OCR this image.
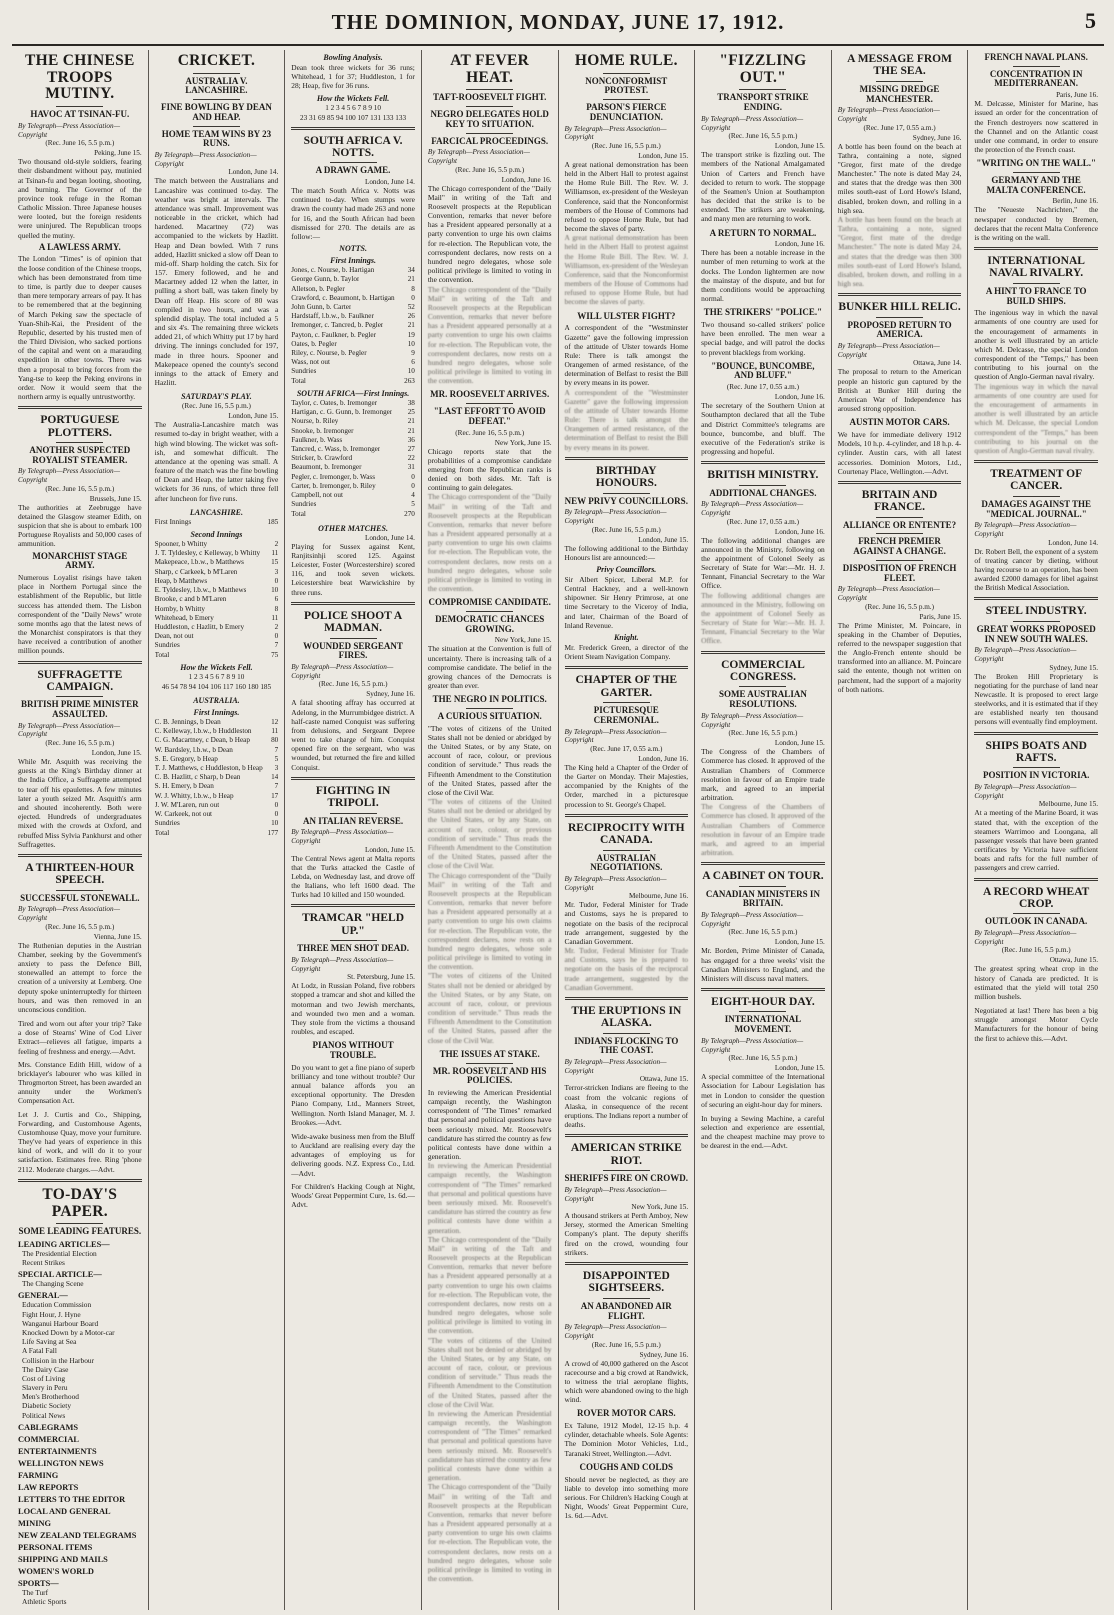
THE DOMINION, MONDAY, JUNE 17, 1912.	5
THE CHINESE TROOPS MUTINY.
HAVOC AT TSINAN-FU.
By Telegraph—Press Association—Copyright
(Rec. June 16, 5.5 p.m.)
Peking, June 15.

Two thousand old-style soldiers, fearing their disbandment without pay, mutinied at Tsinan-fu and began looting, shooting, and burning. The Governor of the province took refuge in the Roman Catholic Mission. Three Japanese houses were looted, but the foreign residents were uninjured. The Republican troops quelled the mutiny.

A LAWLESS ARMY.

The London "Times" is of opinion that the Ioose condition of the Chinese troops, which has been demonstrated from time to time, is partly due to deeper causes than mere temporary arrears of pay. It has to be remembered that at the beginning of March Peking saw the spectacle of Yuan-Shih-Kai, the President of the Republic, deserted by his trusted men of the Third Division, who sacked portions of the capital and went on a marauding expedition in other towns. There was then a proposal to bring forces from the Yang-tse to keep the Peking environs in order. Now it would seem that the northern army is equally untrustworthy.

PORTUGUESE PLOTTERS.
ANOTHER SUSPECTED ROYALIST STEAMER.
By Telegraph—Press Association—Copyright
(Rec. June 16, 5.5 p.m.)
Brussels, June 15.

The authorities at Zeebrugge have detained the Glasgow steamer Edith, on suspicion that she is about to embark 100 Portuguese Royalists and 50,000 cases of ammunition.

MONARCHIST STAGE ARMY.

Numerous Loyalist risings have taken place in Northern Portugal since the establishment of the Republic, but little success has attended them. The Lisbon correspondent of the "Daily News" wrote some months ago that the latest news of the Monarchist conspirators is that they have received a contribution of another million pounds.

SUFFRAGETTE CAMPAIGN.
BRITISH PRIME MINISTER ASSAULTED.
By Telegraph—Press Association—Copyright
(Rec. June 16, 5.5 p.m.)
London, June 15.

While Mr. Asquith was receiving the guests at the King's Birthday dinner at the India Office, a Suffragette attempted to tear off his epaulettes. A few minutes later a youth seized Mr. Asquith's arm and shouted incoherently. Both were ejected. Hundreds of undergraduates mixed with the crowds at Oxford, and rebuffed Miss Sylvia Pankhurst and other Suffragettes.

A THIRTEEN-HOUR SPEECH.
SUCCESSFUL STONEWALL.
By Telegraph—Press Association—Copyright
(Rec. June 16, 5.5 p.m.)
Vienna, June 15.

The Ruthenian deputies in the Austrian Chamber, seeking by the Government's anxiety to pass the Defence Bill, stonewalled an attempt to force the creation of a university at Lemberg. One deputy spoke uninterruptedly for thirteen hours, and was then removed in an unconscious condition.

Tired and worn out after your trip? Take a dose of Stearns' Wine of Cod Liver Extract—relieves all fatigue, imparts a feeling of freshness and energy.—Advt.

Mrs. Constance Edith Hill, widow of a bricklayer's labourer who was killed in Throgmorton Street, has been awarded an annuity under the Workmen's Compensation Act.

Let J. J. Curtis and Co., Shipping, Forwarding, and Customhouse Agents, Customhouse Quay, move your furniture. They've had years of experience in this kind of work, and will do it to your satisfaction. Estimates free. Ring 'phone 2112. Moderate charges.—Advt.

TO-DAY'S PAPER.
SOME LEADING FEATURES.
LEADING ARTICLES—
The Presidential Election
Recent Strikes
SPECIAL ARTICLE—
The Changing Scene
GENERAL—
Education Commission
Fight Hour, J. Hyne
Wanganui Harbour Board
Knocked Down by a Motor-car
Life Saving at Sea
A Fatal Fall
Collision in the Harbour
The Dairy Case
Cost of Living
Slavery in Peru
Men's Brotherhood
Diabetic Society
Political News
CABLEGRAMS
COMMERCIAL
ENTERTAINMENTS
WELLINGTON NEWS
FARMING
LAW REPORTS
LETTERS TO THE EDITOR
LOCAL AND GENERAL
MINING
NEW ZEALAND TELEGRAMS
PERSONAL ITEMS
SHIPPING AND MAILS
WOMEN'S WORLD
SPORTS—
The Turf
Athletic Sports
CRICKET.
AUSTRALIA V. LANCASHIRE.
FINE BOWLING BY DEAN AND HEAP.
HOME TEAM WINS BY 23 RUNS.
By Telegraph—Press Association—Copyright
London, June 14.

The match between the Australians and Lancashire was continued to-day. The weather was bright at intervals. The attendance was small. Improvement was noticeable in the cricket, which had hardened. Macartney (72) was accompanied to the wickets by Hazlitt. Heap and Dean bowled. With 7 runs added, Hazlitt snicked a slow off Dean to mid-off. Sharp holding the catch. Six for 157. Emery followed, and he and Macartney added 12 when the latter, in pulling a short ball, was taken finely by Dean off Heap. His score of 80 was compiled in two hours, and was a splendid display. The total included a 5 and six 4's. The remaining three wickets added 21, of which Whitty put 17 by hard driving. The innings concluded for 197, made in three hours. Spooner and Makepeace opened the county's second innings to the attack of Emery and Hazlitt.

SATURDAY'S PLAY.
(Rec. June 16, 5.5 p.m.)
London, June 15.

The Australia-Lancashire match was resumed to-day in bright weather, with a high wind blowing. The wicket was soft-ish, and somewhat difficult. The attendance at the opening was small. A feature of the match was the fine bowling of Dean and Heap, the latter taking five wickets for 36 runs, of which three fell after luncheon for five runs.

LANCASHIRE.
First Innings	185
Second Innings
Spooner, b Whitty	2
J. T. Tyldesley, c Kelleway, b Whitty	11
Makepeace, l.b.w., b Matthews	15
Sharp, c Carkeek, b M'Laren	3
Heap, b Matthews	0
E. Tyldesley, l.b.w., b Matthews	10
Brooke, c and b M'Laren	6
Hornby, b Whitty	8
Whitehead, b Emery	11
Huddleston, c Hazlitt, b Emery	2
Dean, not out	0
Sundries	7
Total	75
How the Wickets Fell.
1 2 3 4 5 6 7 8 9 10
46 54 78 94 104 106 117 160 180 185
AUSTRALIA.
First Innings.
C. B. Jennings, b Dean	12
C. Kelleway, l.b.w., b Huddleston	11
C. G. Macartney, c Dean, b Heap	80
W. Bardsley, l.b.w., b Dean	7
S. E. Gregory, b Heap	5
T. J. Matthews, c Huddleston, b Heap	3
C. B. Hazlitt, c Sharp, b Dean	14
S. H. Emery, b Dean	7
W. J. Whitty, l.b.w., b Heap	17
J. W. M'Laren, run out	0
W. Carkeek, not out	0
Sundries	10
Total	177
Bowling Analysis.

Dean took three wickets for 36 runs; Whitehead, 1 for 37; Huddleston, 1 for 28; Heap, five for 36 runs.

How the Wickets Fell.
1 2 3 4 5 6 7 8 9 10
23 31 69 85 94 100 107 131 133 133
SOUTH AFRICA V. NOTTS.
A DRAWN GAME.
London, June 14.

The match South Africa v. Notts was continued to-day. When stumps were drawn the county had made 263 and none for 16, and the South African had been dismissed for 270. The details are as follow:—

NOTTS.
First Innings.
Jones, c. Nourse, b. Hartigan	34
George Gunn, b. Taylor	21
Alletson, b. Pegler	8
Crawford, c. Beaumont, b. Hartigan	0
John Gunn, b. Carter	52
Hardstaff, l.b.w., b. Faulkner	26
Iremonger, c. Tancred, b. Pegler	21
Payton, c. Faulkner, b. Pegler	19
Oates, b. Pegler	10
Riley, c. Nourse, b. Pegler	9
Wass, not out	6
Sundries	10
Total	263
SOUTH AFRICA—First Innings.
Taylor, c. Oates, b. Iremonger	38
Hartigan, c. G. Gunn, b. Iremonger	25
Nourse, b. Riley	21
Snooke, b. Iremonger	21
Faulkner, b. Wass	36
Tancred, c. Wass, b. Iremonger	27
Stricker, b. Crawford	22
Beaumont, b. Iremonger	31
Pegler, c. Iremonger, b. Wass	0
Carter, b. Iremonger, b. Riley	0
Campbell, not out	4
Sundries	5
Total	270
OTHER MATCHES.
London, June 14.

Playing for Sussex against Kent, Ranjitsinhji scored 125. Against Leicester, Foster (Worcestershire) scored 116, and took seven wickets. Leicestershire beat Warwickshire by three runs.

POLICE SHOOT A MADMAN.
WOUNDED SERGEANT FIRES.
By Telegraph—Press Association—Copyright
(Rec. June 16, 5.5 p.m.)
Sydney, June 16.

A fatal shooting affray has occurred at Adelong, in the Murrumbidgee district. A half-caste named Conquist was suffering from delusions, and Sergeant Depree went to take charge of him. Conquist opened fire on the sergeant, who was wounded, but returned the fire and killed Conquist.

FIGHTING IN TRIPOLI.
AN ITALIAN REVERSE.
By Telegraph—Press Association—Copyright
London, June 15.

The Central News agent at Malta reports that the Turks attacked the Castle of Lebda, on Wednesday last, and drove off the Italians, who left 1600 dead. The Turks had 10 killed and 150 wounded.

TRAMCAR "HELD UP."
THREE MEN SHOT DEAD.
By Telegraph—Press Association—Copyright
St. Petersburg, June 15.

At Lodz, in Russian Poland, five robbers stopped a tramcar and shot and killed the motorman and two Jewish merchants, and wounded two men and a woman. They stole from the victims a thousand roubles, and escaped.

PIANOS WITHOUT TROUBLE.

Do you want to get a fine piano of superb brilliancy and tone without trouble? Our annual balance affords you an exceptional opportunity. The Dresden Piano Company, Ltd., Manners Street, Wellington. North Island Manager, M. J. Brookes.—Advt.

Wide-awake business men from the Bluff to Auckland are realising every day the advantages of employing us for delivering goods. N.Z. Express Co., Ltd.—Advt.

For Children's Hacking Cough at Night, Woods' Great Peppermint Cure, 1s. 6d.—Advt.

AT FEVER HEAT.
TAFT-ROOSEVELT FIGHT.
NEGRO DELEGATES HOLD KEY TO SITUATION.
FARCICAL PROCEEDINGS.
By Telegraph—Press Association—Copyright
(Rec. June 16, 5.5 p.m.)
London, June 16.

The Chicago correspondent of the "Daily Mail" in writing of the Taft and Roosevelt prospects at the Republican Convention, remarks that never before has a President appeared personally at a party convention to urge his own claims for re-election. The Republican vote, the correspondent declares, now rests on a hundred negro delegates, whose sole political privilege is limited to voting in the convention.

The Chicago correspondent of the "Daily Mail" in writing of the Taft and Roosevelt prospects at the Republican Convention, remarks that never before has a President appeared personally at a party convention to urge his own claims for re-election. The Republican vote, the correspondent declares, now rests on a hundred negro delegates, whose sole political privilege is limited to voting in the convention.

MR. ROOSEVELT ARRIVES.
"LAST EFFORT TO AVOID DEFEAT."
(Rec. June 16, 5.5 p.m.)
New York, June 15.

Chicago reports state that the probabilities of a compromise candidate emerging from the Republican ranks is denied on both sides. Mr. Taft is continuing to gain delegates.

The Chicago correspondent of the "Daily Mail" in writing of the Taft and Roosevelt prospects at the Republican Convention, remarks that never before has a President appeared personally at a party convention to urge his own claims for re-election. The Republican vote, the correspondent declares, now rests on a hundred negro delegates, whose sole political privilege is limited to voting in the convention.

COMPROMISE CANDIDATE.
DEMOCRATIC CHANCES GROWING.
New York, June 15.

The situation at the Convention is full of uncertainty. There is increasing talk of a compromise candidate. The belief in the growing chances of the Democrats is greater than ever.

THE NEGRO IN POLITICS.
A CURIOUS SITUATION.

"The votes of citizens of the United States shall not be denied or abridged by the United States, or by any State, on account of race, colour, or previous condition of servitude." Thus reads the Fifteenth Amendment to the Constitution of the United States, passed after the close of the Civil War.

"The votes of citizens of the United States shall not be denied or abridged by the United States, or by any State, on account of race, colour, or previous condition of servitude." Thus reads the Fifteenth Amendment to the Constitution of the United States, passed after the close of the Civil War.

The Chicago correspondent of the "Daily Mail" in writing of the Taft and Roosevelt prospects at the Republican Convention, remarks that never before has a President appeared personally at a party convention to urge his own claims for re-election. The Republican vote, the correspondent declares, now rests on a hundred negro delegates, whose sole political privilege is limited to voting in the convention.

"The votes of citizens of the United States shall not be denied or abridged by the United States, or by any State, on account of race, colour, or previous condition of servitude." Thus reads the Fifteenth Amendment to the Constitution of the United States, passed after the close of the Civil War.

THE ISSUES AT STAKE.
MR. ROOSEVELT AND HIS POLICIES.

In reviewing the American Presidential campaign recently, the Washington correspondent of "The Times" remarked that personal and political questions have been seriously mixed. Mr. Roosevelt's candidature has stirred the country as few political contests have done within a generation.

In reviewing the American Presidential campaign recently, the Washington correspondent of "The Times" remarked that personal and political questions have been seriously mixed. Mr. Roosevelt's candidature has stirred the country as few political contests have done within a generation.

The Chicago correspondent of the "Daily Mail" in writing of the Taft and Roosevelt prospects at the Republican Convention, remarks that never before has a President appeared personally at a party convention to urge his own claims for re-election. The Republican vote, the correspondent declares, now rests on a hundred negro delegates, whose sole political privilege is limited to voting in the convention.

"The votes of citizens of the United States shall not be denied or abridged by the United States, or by any State, on account of race, colour, or previous condition of servitude." Thus reads the Fifteenth Amendment to the Constitution of the United States, passed after the close of the Civil War.

In reviewing the American Presidential campaign recently, the Washington correspondent of "The Times" remarked that personal and political questions have been seriously mixed. Mr. Roosevelt's candidature has stirred the country as few political contests have done within a generation.

The Chicago correspondent of the "Daily Mail" in writing of the Taft and Roosevelt prospects at the Republican Convention, remarks that never before has a President appeared personally at a party convention to urge his own claims for re-election. The Republican vote, the correspondent declares, now rests on a hundred negro delegates, whose sole political privilege is limited to voting in the convention.

HOME RULE.
NONCONFORMIST PROTEST.
PARSON'S FIERCE DENUNCIATION.
By Telegraph—Press Association—Copyright
(Rec. June 16, 5.5 p.m.)
London, June 15.

A great national demonstration has been held in the Albert Hall to protest against the Home Rule Bill. The Rev. W. J. Williamson, ex-president of the Wesleyan Conference, said that the Nonconformist members of the House of Commons had refused to oppose Home Rule, but had become the slaves of party.

A great national demonstration has been held in the Albert Hall to protest against the Home Rule Bill. The Rev. W. J. Williamson, ex-president of the Wesleyan Conference, said that the Nonconformist members of the House of Commons had refused to oppose Home Rule, but had become the slaves of party.

WILL ULSTER FIGHT?

A correspondent of the "Westminster Gazette" gave the following impression of the attitude of Ulster towards Home Rule: There is talk amongst the Orangemen of armed resistance, of the determination of Belfast to resist the Bill by every means in its power.

A correspondent of the "Westminster Gazette" gave the following impression of the attitude of Ulster towards Home Rule: There is talk amongst the Orangemen of armed resistance, of the determination of Belfast to resist the Bill by every means in its power.

BIRTHDAY HONOURS.
NEW PRIVY COUNCILLORS.
By Telegraph—Press Association—Copyright
(Rec. June 16, 5.5 p.m.)
London, June 15.

The following additional to the Birthday Honours list are announced:—

Privy Councillors.

Sir Albert Spicer, Liberal M.P. for Central Hackney, and a well-known shipowner. Sir Henry Primrose, at one time Secretary to the Viceroy of India, and later, Chairman of the Board of Inland Revenue.

Knight.

Mr. Frederick Green, a director of the Orient Steam Navigation Company.

CHAPTER OF THE GARTER.
PICTURESQUE CEREMONIAL.
By Telegraph—Press Association—Copyright
(Rec. June 17, 0.55 a.m.)
London, June 16.

The King held a Chapter of the Order of the Garter on Monday. Their Majesties, accompanied by the Knights of the Order, marched in a picturesque procession to St. George's Chapel.

RECIPROCITY WITH CANADA.
AUSTRALIAN NEGOTIATIONS.
By Telegraph—Press Association—Copyright
Melbourne, June 16.

Mr. Tudor, Federal Minister for Trade and Customs, says he is prepared to negotiate on the basis of the reciprocal trade arrangement, suggested by the Canadian Government.

Mr. Tudor, Federal Minister for Trade and Customs, says he is prepared to negotiate on the basis of the reciprocal trade arrangement, suggested by the Canadian Government.

THE ERUPTIONS IN ALASKA.
INDIANS FLOCKING TO THE COAST.
By Telegraph—Press Association—Copyright
Ottawa, June 15.

Terror-stricken Indians are fleeing to the coast from the volcanic regions of Alaska, in consequence of the recent eruptions. The Indians report a number of deaths.

AMERICAN STRIKE RIOT.
SHERIFFS FIRE ON CROWD.
By Telegraph—Press Association—Copyright
New York, June 15.

A thousand strikers at Perth Amboy, New Jersey, stormed the American Smelting Company's plant. The deputy sheriffs fired on the crowd, wounding four strikers.

DISAPPOINTED SIGHTSEERS.
AN ABANDONED AIR FLIGHT.
By Telegraph—Press Association—Copyright
(Rec. June 16, 5.5 p.m.)
Sydney, June 16.

A crowd of 40,000 gathered on the Ascot racecourse and a big crowd at Randwick, to witness the trial aeroplane flights, which were abandoned owing to the high wind.

ROVER MOTOR CARS.

Ex Talune, 1912 Model, 12-15 h.p. 4 cylinder, detachable wheels. Sole Agents: The Dominion Motor Vehicles, Ltd., Taranaki Street, Wellington.—Advt.

COUGHS AND COLDS

Should never be neglected, as they are liable to develop into something more serious. For Children's Hacking Cough at Night, Woods' Great Peppermint Cure, 1s. 6d.—Advt.

"FIZZLING OUT."
TRANSPORT STRIKE ENDING.
By Telegraph—Press Association—Copyright
(Rec. June 16, 5.5 p.m.)
London, June 15.

The transport strike is fizzling out. The members of the National Amalgamated Union of Carters and French have decided to return to work. The stoppage of the Seamen's Union at Southampton has decided that the strike is to be extended. The strikers are weakening, and many men are returning to work.

A RETURN TO NORMAL.
London, June 16.

There has been a notable increase in the number of men returning to work at the docks. The London lightermen are now the mainstay of the dispute, and but for them conditions would be approaching normal.

THE STRIKERS' "POLICE."

Two thousand so-called strikers' police have been enrolled. The men wear a special badge, and will patrol the docks to prevent blacklegs from working.

"BOUNCE, BUNCOMBE, AND BLUFF."
(Rec. June 17, 0.55 a.m.)
London, June 16.

The secretary of the Southern Union at Southampton declared that all the Tube and District Committee's telegrams are bounce, buncombe, and bluff. The executive of the Federation's strike is progressing and hopeful.

BRITISH MINISTRY.
ADDITIONAL CHANGES.
By Telegraph—Press Association—Copyright
(Rec. June 17, 0.55 a.m.)
London, June 16.

The following additional changes are announced in the Ministry, following on the appointment of Colonel Seely as Secretary of State for War:—Mr. H. J. Tennant, Financial Secretary to the War Office.

The following additional changes are announced in the Ministry, following on the appointment of Colonel Seely as Secretary of State for War:—Mr. H. J. Tennant, Financial Secretary to the War Office.

COMMERCIAL CONGRESS.
SOME AUSTRALIAN RESOLUTIONS.
By Telegraph—Press Association—Copyright
(Rec. June 16, 5.5 p.m.)
London, June 15.

The Congress of the Chambers of Commerce has closed. It approved of the Australian Chambers of Commerce resolution in favour of an Empire trade mark, and agreed to an imperial arbitration.

The Congress of the Chambers of Commerce has closed. It approved of the Australian Chambers of Commerce resolution in favour of an Empire trade mark, and agreed to an imperial arbitration.

A CABINET ON TOUR.
CANADIAN MINISTERS IN BRITAIN.
By Telegraph—Press Association—Copyright
(Rec. June 16, 5.5 p.m.)
London, June 15.

Mr. Borden, Prime Minister of Canada, has engaged for a three weeks' visit the Canadian Ministers to England, and the Ministers will discuss naval matters.

EIGHT-HOUR DAY.
INTERNATIONAL MOVEMENT.
By Telegraph—Press Association—Copyright
(Rec. June 16, 5.5 p.m.)
London, June 15.

A special committee of the International Association for Labour Legislation has met in London to consider the question of securing an eight-hour day for miners.

In buying a Sewing Machine, a careful selection and experience are essential, and the cheapest machine may prove to be dearest in the end.—Advt.

A MESSAGE FROM THE SEA.
MISSING DREDGE MANCHESTER.
By Telegraph—Press Association—Copyright
(Rec. June 17, 0.55 a.m.)
Sydney, June 16.

A bottle has been found on the beach at Tathra, containing a note, signed "Gregor, first mate of the dredge Manchester." The note is dated May 24, and states that the dredge was then 300 miles south-east of Lord Howe's Island, disabled, broken down, and rolling in a high sea.

A bottle has been found on the beach at Tathra, containing a note, signed "Gregor, first mate of the dredge Manchester." The note is dated May 24, and states that the dredge was then 300 miles south-east of Lord Howe's Island, disabled, broken down, and rolling in a high sea.

BUNKER HILL RELIC.
PROPOSED RETURN TO AMERICA.
By Telegraph—Press Association—Copyright
Ottawa, June 14.

The proposal to return to the American people an historic gun captured by the British at Bunker Hill during the American War of Independence has aroused strong opposition.

AUSTIN MOTOR CARS.

We have for immediate delivery 1912 Models, 10 h.p. 4-cylinder, and 18 h.p. 4-cylinder. Austin cars, with all latest accessories. Dominion Motors, Ltd., Courtenay Place, Wellington.—Advt.

BRITAIN AND FRANCE.
ALLIANCE OR ENTENTE?
FRENCH PREMIER AGAINST A CHANGE.
DISPOSITION OF FRENCH FLEET.
By Telegraph—Press Association—Copyright
(Rec. June 16, 5.5 p.m.)
Paris, June 15.

The Prime Minister, M. Poincare, in speaking in the Chamber of Deputies, referred to the newspaper suggestion that the Anglo-French entente should be transformed into an alliance. M. Poincare said the entente, though not written on parchment, had the support of a majority of both nations.

FRENCH NAVAL PLANS.
CONCENTRATION IN MEDITERRANEAN.
Paris, June 16.

M. Delcasse, Minister for Marine, has issued an order for the concentration of the French destroyers now scattered in the Channel and on the Atlantic coast under one command, in order to ensure the protection of the French coast.

"WRITING ON THE WALL."
GERMANY AND THE MALTA CONFERENCE.
Berlin, June 16.

The "Neueste Nachrichten," the newspaper conducted by Bremen, declares that the recent Malta Conference is the writing on the wall.

INTERNATIONAL NAVAL RIVALRY.
A HINT TO FRANCE TO BUILD SHIPS.

The ingenious way in which the naval armaments of one country are used for the encouragement of armaments in another is well illustrated by an article which M. Delcasse, the special London correspondent of the "Temps," has been contributing to his journal on the question of Anglo-German naval rivalry.

The ingenious way in which the naval armaments of one country are used for the encouragement of armaments in another is well illustrated by an article which M. Delcasse, the special London correspondent of the "Temps," has been contributing to his journal on the question of Anglo-German naval rivalry.

TREATMENT OF CANCER.
DAMAGES AGAINST THE "MEDICAL JOURNAL."
By Telegraph—Press Association—Copyright
London, June 14.

Dr. Robert Bell, the exponent of a system of treating cancer by dieting, without having recourse to an operation, has been awarded £2000 damages for libel against the British Medical Association.

STEEL INDUSTRY.
GREAT WORKS PROPOSED IN NEW SOUTH WALES.
By Telegraph—Press Association—Copyright
Sydney, June 15.

The Broken Hill Proprietary is negotiating for the purchase of land near Newcastle. It is proposed to erect large steelworks, and it is estimated that if they are established nearly ten thousand persons will eventually find employment.

SHIPS BOATS AND RAFTS.
POSITION IN VICTORIA.
By Telegraph—Press Association—Copyright
Melbourne, June 15.

At a meeting of the Marine Board, it was stated that, with the exception of the steamers Warrimoo and Loongana, all passenger vessels that have been granted certificates by Victoria have sufficient boats and rafts for the full number of passengers and crew carried.

A RECORD WHEAT CROP.
OUTLOOK IN CANADA.
By Telegraph—Press Association—Copyright
(Rec. June 16, 5.5 p.m.)
Ottawa, June 15.

The greatest spring wheat crop in the history of Canada are predicted. It is estimated that the yield will total 250 million bushels.

Negotiated at last! There has been a big struggle amongst Motor Cycle Manufacturers for the honour of being the first to achieve this.—Advt.
